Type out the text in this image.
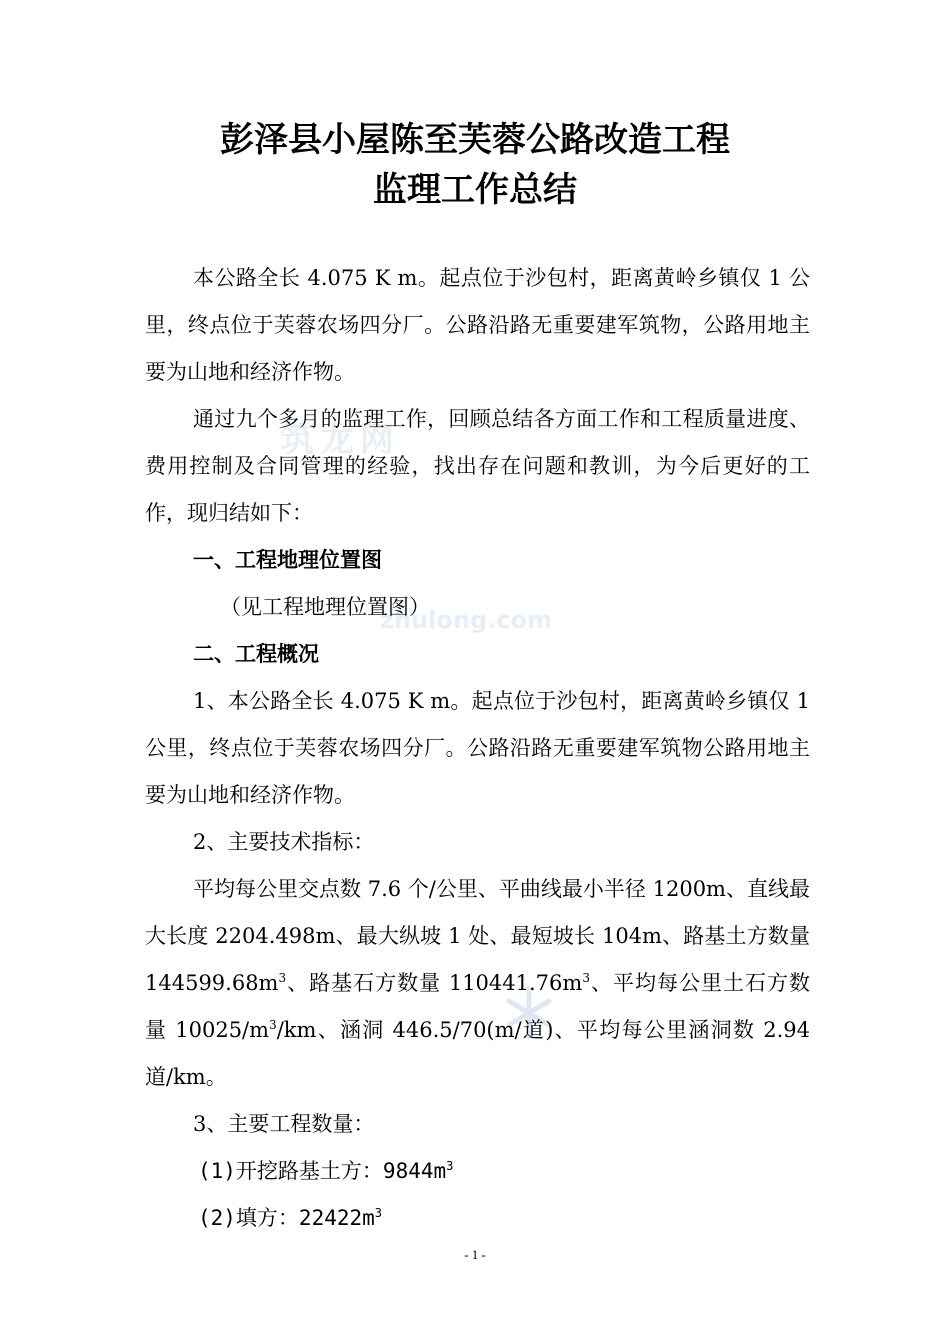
筑龙网
zhulong.com
彭泽县小屋陈至芙蓉公路改造工程
监理工作总结

本公路全长 4.075 K m。起点位于沙包村，距离黄岭乡镇仅 1 公里，终点位于芙蓉农场四分厂。公路沿路无重要建军筑物，公路用地主要为山地和经济作物。

通过九个多月的监理工作，回顾总结各方面工作和工程质量进度、费用控制及合同管理的经验，找出存在问题和教训，为今后更好的工作，现归结如下：

一、工程地理位置图

（见工程地理位置图）

二、工程概况

1、本公路全长 4.075 K m。起点位于沙包村，距离黄岭乡镇仅 1 公里，终点位于芙蓉农场四分厂。公路沿路无重要建军筑物公路用地主要为山地和经济作物。

2、主要技术指标：

平均每公里交点数 7.6 个/公里、平曲线最小半径 1200m、直线最大长度 2204.498m、最大纵坡 1 处、最短坡长 104m、路基土方数量 $144599.68m^3$、路基石方数量 $110441.76m^3$、平均每公里土石方数量 $10025/m^3/km$、涵洞 446.5/70(m/道)、平均每公里涵洞数 2.94 道/km。

3、主要工程数量：

(1)开挖路基土方：$9844m^3$

(2)填方：$22422m^3$

- 1 -
